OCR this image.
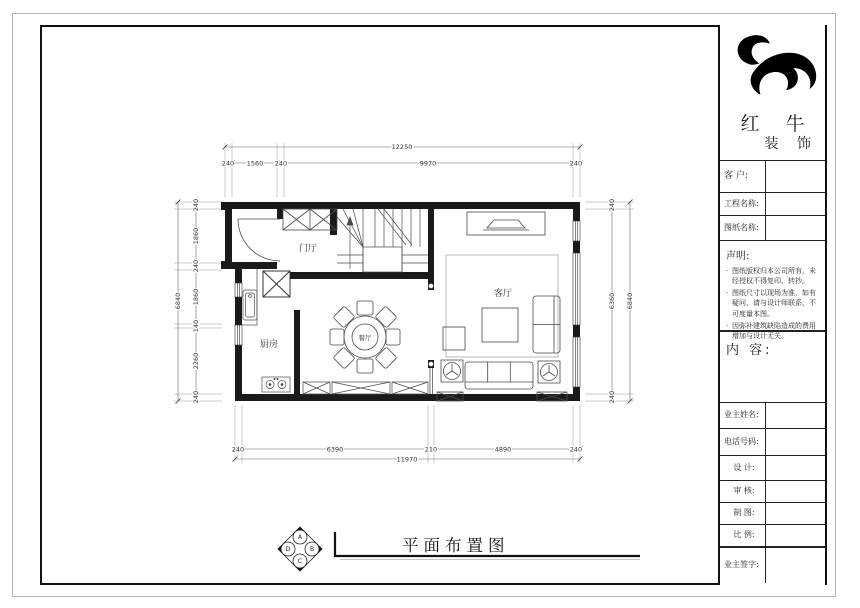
12250
240 1560 240	9970	240
240	6390	210	4890	240
11970
240
1860
240
1860
140
2260
240
6840
240
6360
240
6840
门厅
厨房
客厅
餐厅
A
B
C
D	平面布置图
红 牛
装 饰
客 户:
工程名称:
图纸名称:
声明:
· 图纸版权归本公司所有，未经授权不得复印、转抄。
· 图纸尺寸以现场为准，如有疑问，请与设计师联系，不可度量本图。
· 因弥补建筑缺陷造成的费用增加与设计无关。
内 容:
业主姓名:
电话号码:
设 计:
审 核:
制 图:
比 例:
业主签字:
